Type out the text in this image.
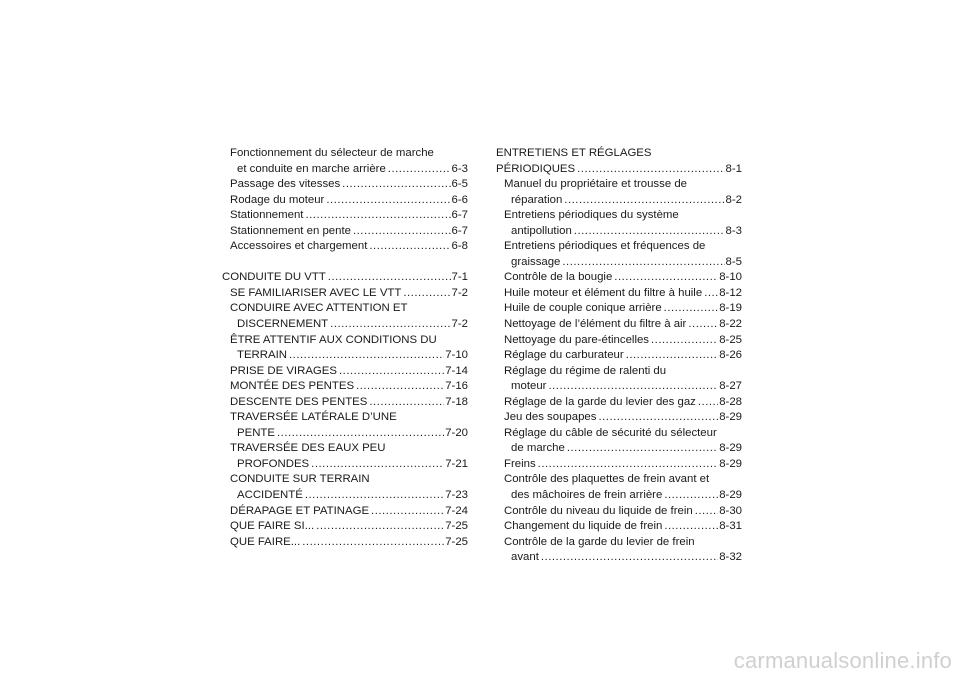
Fonctionnement du sélecteur de marche
et conduite en marche arrière .....	6-3
Passage des vitesses .....	6-5
Rodage du moteur .....	6-6
Stationnement .....	6-7
Stationnement en pente .....	6-7
Accessoires et chargement .....	6-8
CONDUITE DU VTT .....	7-1
SE FAMILIARISER AVEC LE VTT .....	7-2
CONDUIRE AVEC ATTENTION ET
DISCERNEMENT .....	7-2
ÊTRE ATTENTIF AUX CONDITIONS DU
TERRAIN .....	7-10
PRISE DE VIRAGES .....	7-14
MONTÉE DES PENTES .....	7-16
DESCENTE DES PENTES .....	7-18
TRAVERSÉE LATÉRALE D’UNE
PENTE .....	7-20
TRAVERSÉE DES EAUX PEU
PROFONDES .....	7-21
CONDUITE SUR TERRAIN
ACCIDENTÉ .....	7-23
DÉRAPAGE ET PATINAGE .....	7-24
QUE FAIRE SI... .....	7-25
QUE FAIRE... .....	7-25
ENTRETIENS ET RÉGLAGES
PÉRIODIQUES .....	8-1
Manuel du propriétaire et trousse de
réparation .....	8-2
Entretiens périodiques du système
antipollution .....	8-3
Entretiens périodiques et fréquences de
graissage .....	8-5
Contrôle de la bougie .....	8-10
Huile moteur et élément du filtre à huile ..... 8-12
Huile de couple conique arrière .....	8-19
Nettoyage de l’élément du filtre à air .....	8-22
Nettoyage du pare-étincelles .....	8-25
Réglage du carburateur .....	8-26
Réglage du régime de ralenti du
moteur .....	8-27
Réglage de la garde du levier des gaz ..... 8-28
Jeu des soupapes .....	8-29
Réglage du câble de sécurité du sélecteur
de marche .....	8-29
Freins .....	8-29
Contrôle des plaquettes de frein avant et
des mâchoires de frein arrière .....	8-29
Contrôle du niveau du liquide de frein ..... 8-30
Changement du liquide de frein .....	8-31
Contrôle de la garde du levier de frein
avant .....	8-32
carmanualsonline.info
